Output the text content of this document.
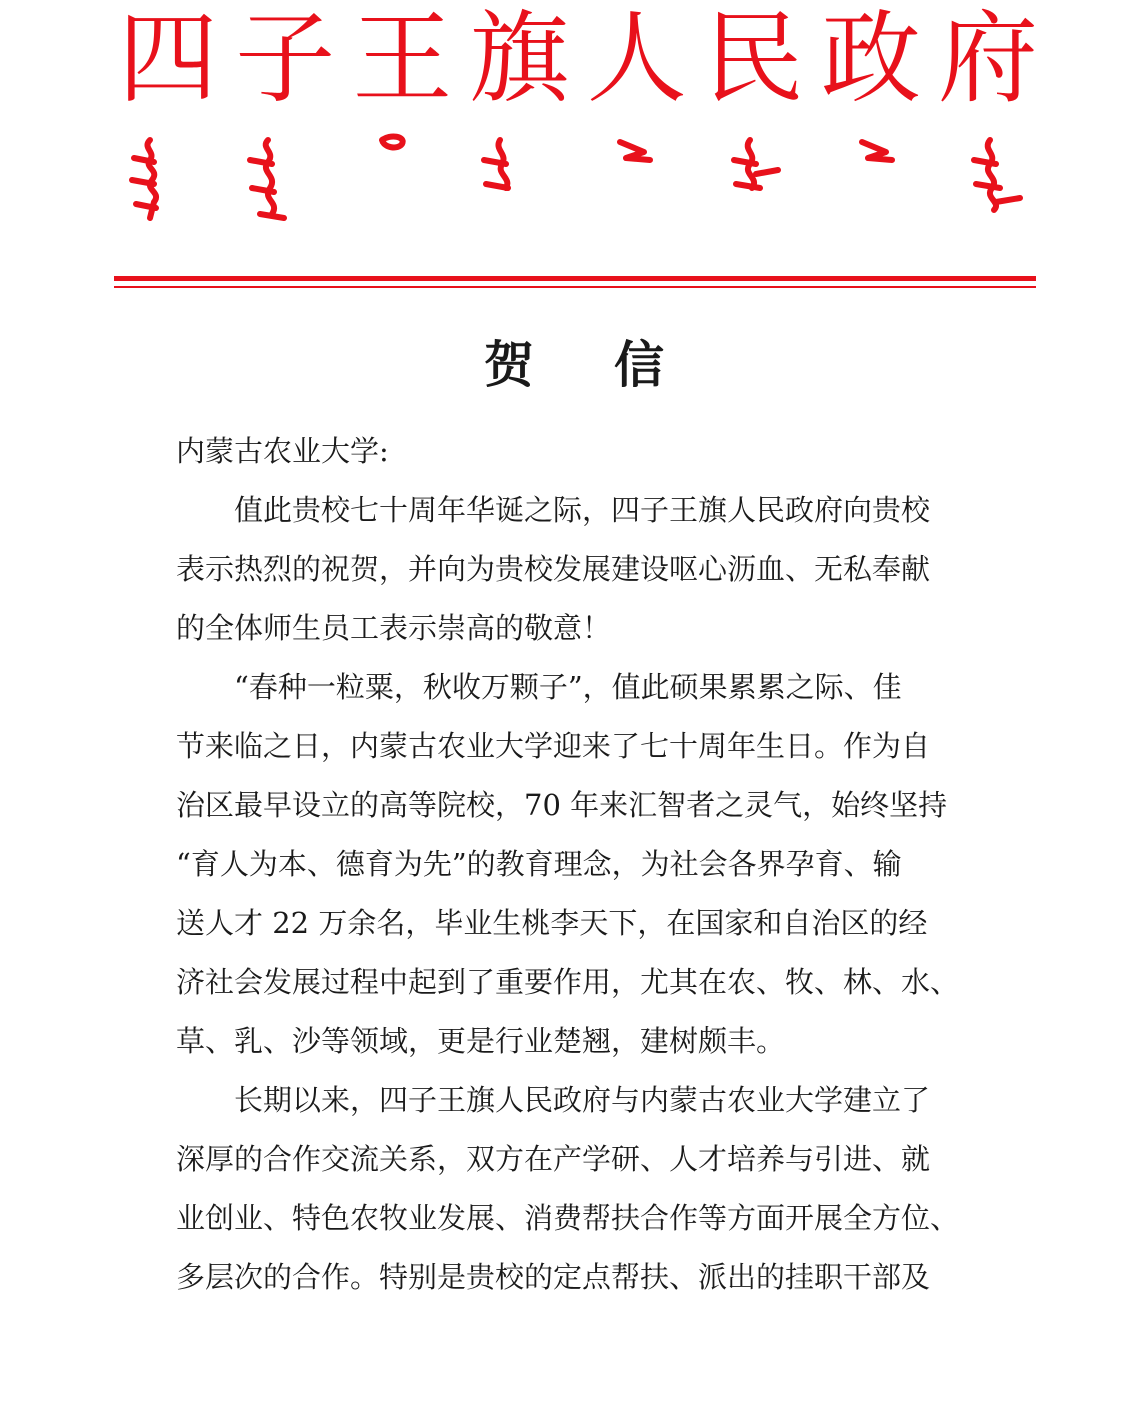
四 子 王 旗 人 民 政 府
贺信
内蒙古农业大学:
值此贵校七十周年华诞之际，四子王旗人民政府向贵校
表示热烈的祝贺，并向为贵校发展建设呕心沥血、无私奉献
的全体师生员工表示崇高的敬意！
“春种一粒粟，秋收万颗子”，值此硕果累累之际、佳
节来临之日，内蒙古农业大学迎来了七十周年生日。作为自
治区最早设立的高等院校，70 年来汇智者之灵气，始终坚持
“育人为本、德育为先”的教育理念，为社会各界孕育、输
送人才 22 万余名，毕业生桃李天下，在国家和自治区的经
济社会发展过程中起到了重要作用，尤其在农、牧、林、水、
草、乳、沙等领域，更是行业楚翘，建树颇丰。
长期以来，四子王旗人民政府与内蒙古农业大学建立了
深厚的合作交流关系，双方在产学研、人才培养与引进、就
业创业、特色农牧业发展、消费帮扶合作等方面开展全方位、
多层次的合作。特别是贵校的定点帮扶、派出的挂职干部及
